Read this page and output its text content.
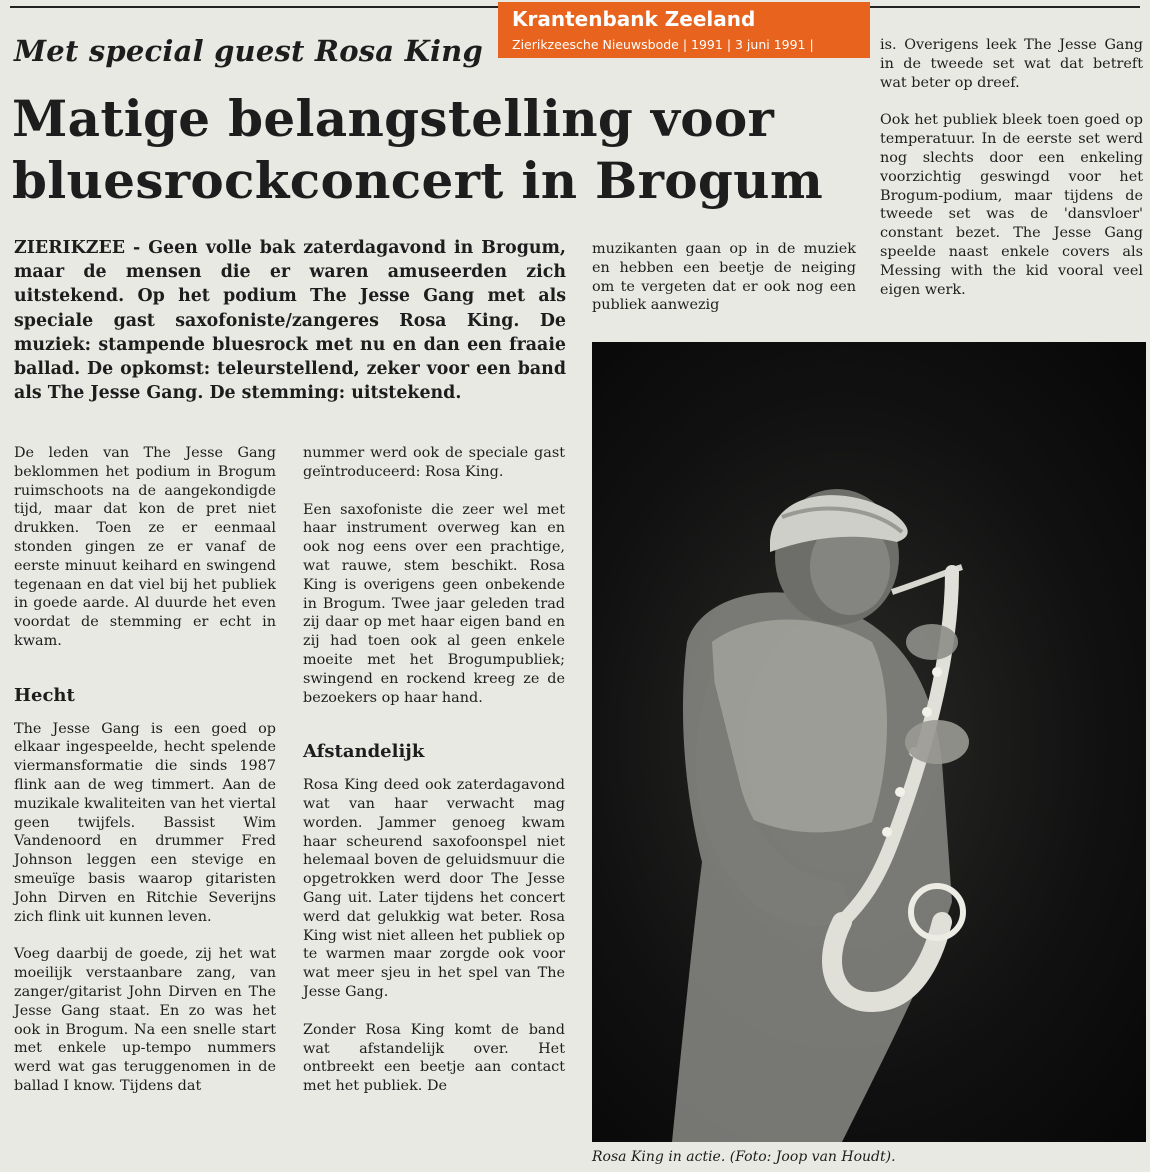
Met special guest Rosa King
Krantenbank Zeeland
Zierikzeesche Nieuwsbode | 1991 | 3 juni 1991 |
Matige belangstelling voor
bluesrockconcert in Brogum
ZIERIKZEE - Geen volle bak zaterdagavond in Brogum, maar de mensen die er waren amuseerden zich uitstekend. Op het podium The Jesse Gang met als speciale gast saxofoniste/zangeres Rosa King. De muziek: stampende bluesrock met nu en dan een fraaie ballad. De opkomst: teleurstellend, zeker voor een band als The Jesse Gang. De stemming: uitstekend.

De leden van The Jesse Gang beklommen het podium in Brogum ruimschoots na de aangekondigde tijd, maar dat kon de pret niet drukken. Toen ze er eenmaal stonden gingen ze er vanaf de eerste minuut keihard en swingend tegenaan en dat viel bij het publiek in goede aarde. Al duurde het even voordat de stemming er echt in kwam.

Hecht

The Jesse Gang is een goed op elkaar ingespeelde, hecht spelende viermansformatie die sinds 1987 flink aan de weg timmert. Aan de muzikale kwaliteiten van het viertal geen twijfels. Bassist Wim Vandenoord en drummer Fred Johnson leggen een stevige en smeuïge basis waarop gitaristen John Dirven en Ritchie Severijns zich flink uit kunnen leven.

Voeg daarbij de goede, zij het wat moeilijk verstaanbare zang, van zanger/gitarist John Dirven en The Jesse Gang staat. En zo was het ook in Brogum. Na een snelle start met enkele up-tempo nummers werd wat gas teruggenomen in de ballad I know. Tijdens dat

nummer werd ook de speciale gast geïntroduceerd: Rosa King.

Een saxofoniste die zeer wel met haar instrument overweg kan en ook nog eens over een prachtige, wat rauwe, stem beschikt. Rosa King is overigens geen onbekende in Brogum. Twee jaar geleden trad zij daar op met haar eigen band en zij had toen ook al geen enkele moeite met het Brogumpubliek; swingend en rockend kreeg ze de bezoekers op haar hand.

Afstandelijk

Rosa King deed ook zaterdagavond wat van haar verwacht mag worden. Jammer genoeg kwam haar scheurend saxofoonspel niet helemaal boven de geluidsmuur die opgetrokken werd door The Jesse Gang uit. Later tijdens het concert werd dat gelukkig wat beter. Rosa King wist niet alleen het publiek op te warmen maar zorgde ook voor wat meer sjeu in het spel van The Jesse Gang.

Zonder Rosa King komt de band wat afstandelijk over. Het ontbreekt een beetje aan contact met het publiek. De

muzikanten gaan op in de muziek en hebben een beetje de neiging om te vergeten dat er ook nog een publiek aanwezig

is. Overigens leek The Jesse Gang in de tweede set wat dat betreft wat beter op dreef.

Ook het publiek bleek toen goed op temperatuur. In de eerste set werd nog slechts door een enkeling voorzichtig geswingd voor het Brogum-podium, maar tijdens de tweede set was de 'dansvloer' constant bezet. The Jesse Gang speelde naast enkele covers als Messing with the kid vooral veel eigen werk.

Rosa King in actie. (Foto: Joop van Houdt).
